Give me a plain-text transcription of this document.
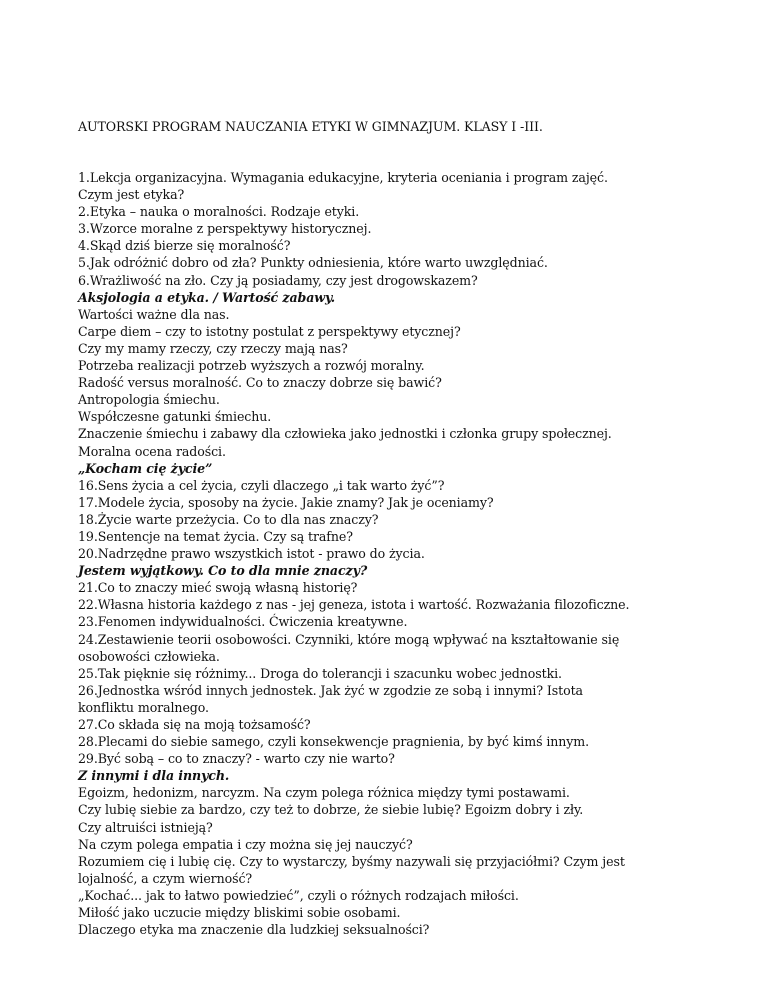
AUTORSKI PROGRAM NAUCZANIA ETYKI W GIMNAZJUM. KLASY I -III.
1.Lekcja organizacyjna. Wymagania edukacyjne, kryteria oceniania i program zajęć.
Czym jest etyka?
2.Etyka – nauka o moralności. Rodzaje etyki.
3.Wzorce moralne z perspektywy historycznej.
4.Skąd dziś bierze się moralność?
5.Jak odróżnić dobro od zła? Punkty odniesienia, które warto uwzględniać.
6.Wrażliwość na zło. Czy ją posiadamy, czy jest drogowskazem?
Aksjologia a etyka. / Wartość zabawy.
Wartości ważne dla nas.
Carpe diem – czy to istotny postulat z perspektywy etycznej?
Czy my mamy rzeczy, czy rzeczy mają nas?
Potrzeba realizacji potrzeb wyższych a rozwój moralny.
Radość versus moralność. Co to znaczy dobrze się bawić?
Antropologia śmiechu.
Współczesne gatunki śmiechu.
Znaczenie śmiechu i zabawy dla człowieka jako jednostki i członka grupy społecznej.
Moralna ocena radości.
„Kocham cię życie”
16.Sens życia a cel życia, czyli dlaczego „i tak warto żyć”?
17.Modele życia, sposoby na życie. Jakie znamy? Jak je oceniamy?
18.Życie warte przeżycia. Co to dla nas znaczy?
19.Sentencje na temat życia. Czy są trafne?
20.Nadrzędne prawo wszystkich istot - prawo do życia.
Jestem wyjątkowy. Co to dla mnie znaczy?
21.Co to znaczy mieć swoją własną historię?
22.Własna historia każdego z nas - jej geneza, istota i wartość. Rozważania filozoficzne.
23.Fenomen indywidualności. Ćwiczenia kreatywne.
24.Zestawienie teorii osobowości. Czynniki, które mogą wpływać na kształtowanie się
osobowości człowieka.
25.Tak pięknie się różnimy... Droga do tolerancji i szacunku wobec jednostki.
26.Jednostka wśród innych jednostek. Jak żyć w zgodzie ze sobą i innymi? Istota
konfliktu moralnego.
27.Co składa się na moją tożsamość?
28.Plecami do siebie samego, czyli konsekwencje pragnienia, by być kimś innym.
29.Być sobą – co to znaczy? - warto czy nie warto?
Z innymi i dla innych.
Egoizm, hedonizm, narcyzm. Na czym polega różnica między tymi postawami.
Czy lubię siebie za bardzo, czy też to dobrze, że siebie lubię? Egoizm dobry i zły.
Czy altruiści istnieją?
Na czym polega empatia i czy można się jej nauczyć?
Rozumiem cię i lubię cię. Czy to wystarczy, byśmy nazywali się przyjaciółmi? Czym jest
lojalność, a czym wierność?
„Kochać... jak to łatwo powiedzieć”, czyli o różnych rodzajach miłości.
Miłość jako uczucie między bliskimi sobie osobami.
Dlaczego etyka ma znaczenie dla ludzkiej seksualności?
